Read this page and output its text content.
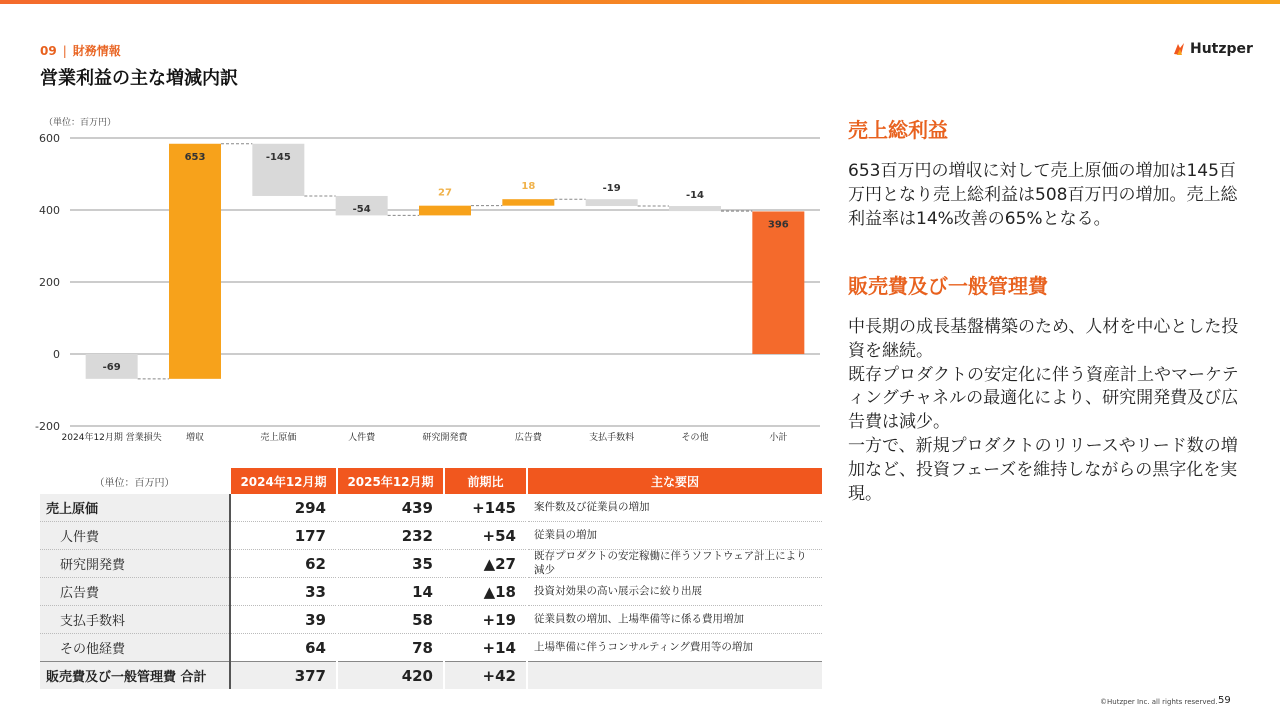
09 | 財務情報
営業利益の主な増減内訳
Hutzper
（単位：百万円）
-200
0
200
400
600
-69
653	-145
-54
27
18	-19
-14
396
2024年12月期 営業損失	増収	売上原価	人件費	研究開発費	広告費	支払手数料	その他	小計
（単位：百万円）	2024年12月期	2025年12月期	前期比	主な要因
売上原価	294	439	+145	案件数及び従業員の増加
人件費	177	232	+54	従業員の増加
研究開発費	62	35	▲27	既存プロダクトの安定稼働に伴うソフトウェア計上により減少
広告費	33	14	▲18	投資対効果の高い展示会に絞り出展
支払手数料	39	58	+19	従業員数の増加、上場準備等に係る費用増加
その他経費	64	78	+14	上場準備に伴うコンサルティング費用等の増加
販売費及び一般管理費 合計	377	420	+42	
売上総利益

653百万円の増収に対して売上原価の増加は145百万円となり売上総利益は508百万円の増加。売上総利益率は14%改善の65%となる。

販売費及び一般管理費

中長期の成長基盤構築のため、人材を中心とした投資を継続。

既存プロダクトの安定化に伴う資産計上やマーケティングチャネルの最適化により、研究開発費及び広告費は減少。

一方で、新規プロダクトのリリースやリード数の増加など、投資フェーズを維持しながらの黒字化を実現。

©Hutzper Inc. all rights reserved. 59
